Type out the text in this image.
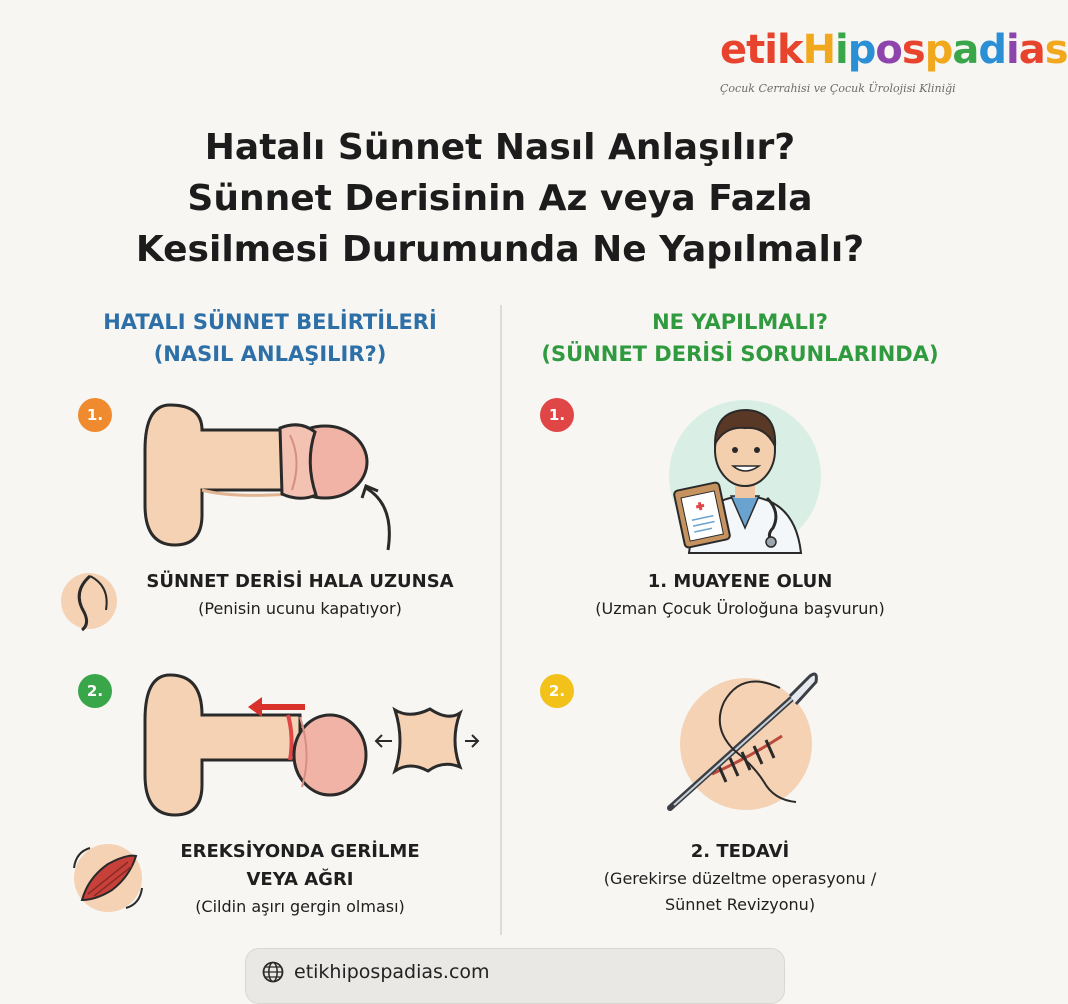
etikHipospadias
Çocuk Cerrahisi ve Çocuk Ürolojisi Kliniği
Hatalı Sünnet Nasıl Anlaşılır?
Sünnet Derisinin Az veya Fazla
Kesilmesi Durumunda Ne Yapılmalı?
HATALI SÜNNET BELİRTİLERİ
(NASIL ANLAŞILIR?)
NE YAPILMALI?
(SÜNNET DERİSİ SORUNLARINDA)
1.
SÜNNET DERİSİ HALA UZUNSA
(Penisin ucunu kapatıyor)
2.
EREKSİYONDA GERİLME
VEYA AĞRI
(Cildin aşırı gergin olması)
1.
1. MUAYENE OLUN
(Uzman Çocuk Üroloğuna başvurun)
2.
2. TEDAVİ
(Gerekirse düzeltme operasyonu /
Sünnet Revizyonu)
etikhipospadias.com
